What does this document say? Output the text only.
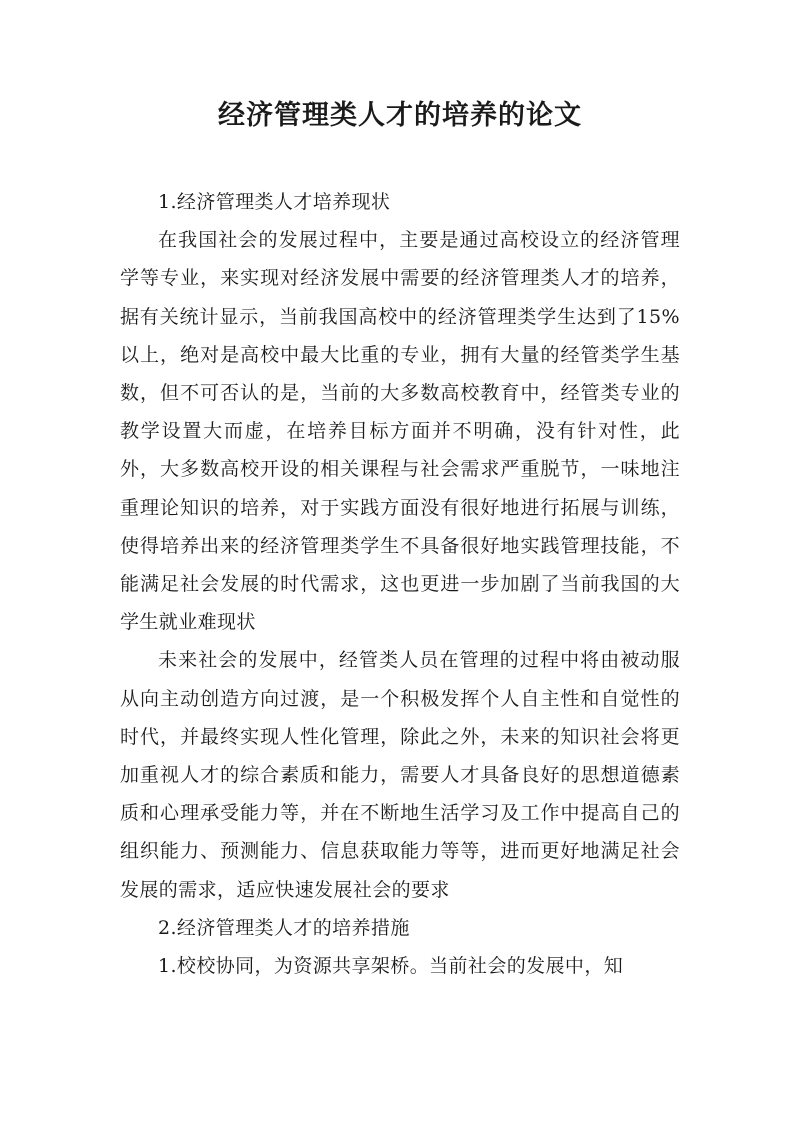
经济管理类人才的培养的论文

1.经济管理类人才培养现状

在我国社会的发展过程中，主要是通过高校设立的经济管理学等专业，来实现对经济发展中需要的经济管理类人才的培养，据有关统计显示，当前我国高校中的经济管理类学生达到了15%以上，绝对是高校中最大比重的专业，拥有大量的经管类学生基数，但不可否认的是，当前的大多数高校教育中，经管类专业的教学设置大而虚，在培养目标方面并不明确，没有针对性，此外，大多数高校开设的相关课程与社会需求严重脱节，一味地注重理论知识的培养，对于实践方面没有很好地进行拓展与训练，使得培养出来的经济管理类学生不具备很好地实践管理技能，不能满足社会发展的时代需求，这也更进一步加剧了当前我国的大学生就业难现状

未来社会的发展中，经管类人员在管理的过程中将由被动服从向主动创造方向过渡，是一个积极发挥个人自主性和自觉性的时代，并最终实现人性化管理，除此之外，未来的知识社会将更加重视人才的综合素质和能力，需要人才具备良好的思想道德素质和心理承受能力等，并在不断地生活学习及工作中提高自己的组织能力、预测能力、信息获取能力等等，进而更好地满足社会发展的需求，适应快速发展社会的要求

2.经济管理类人才的培养措施

1.校校协同，为资源共享架桥。当前社会的发展中，知
